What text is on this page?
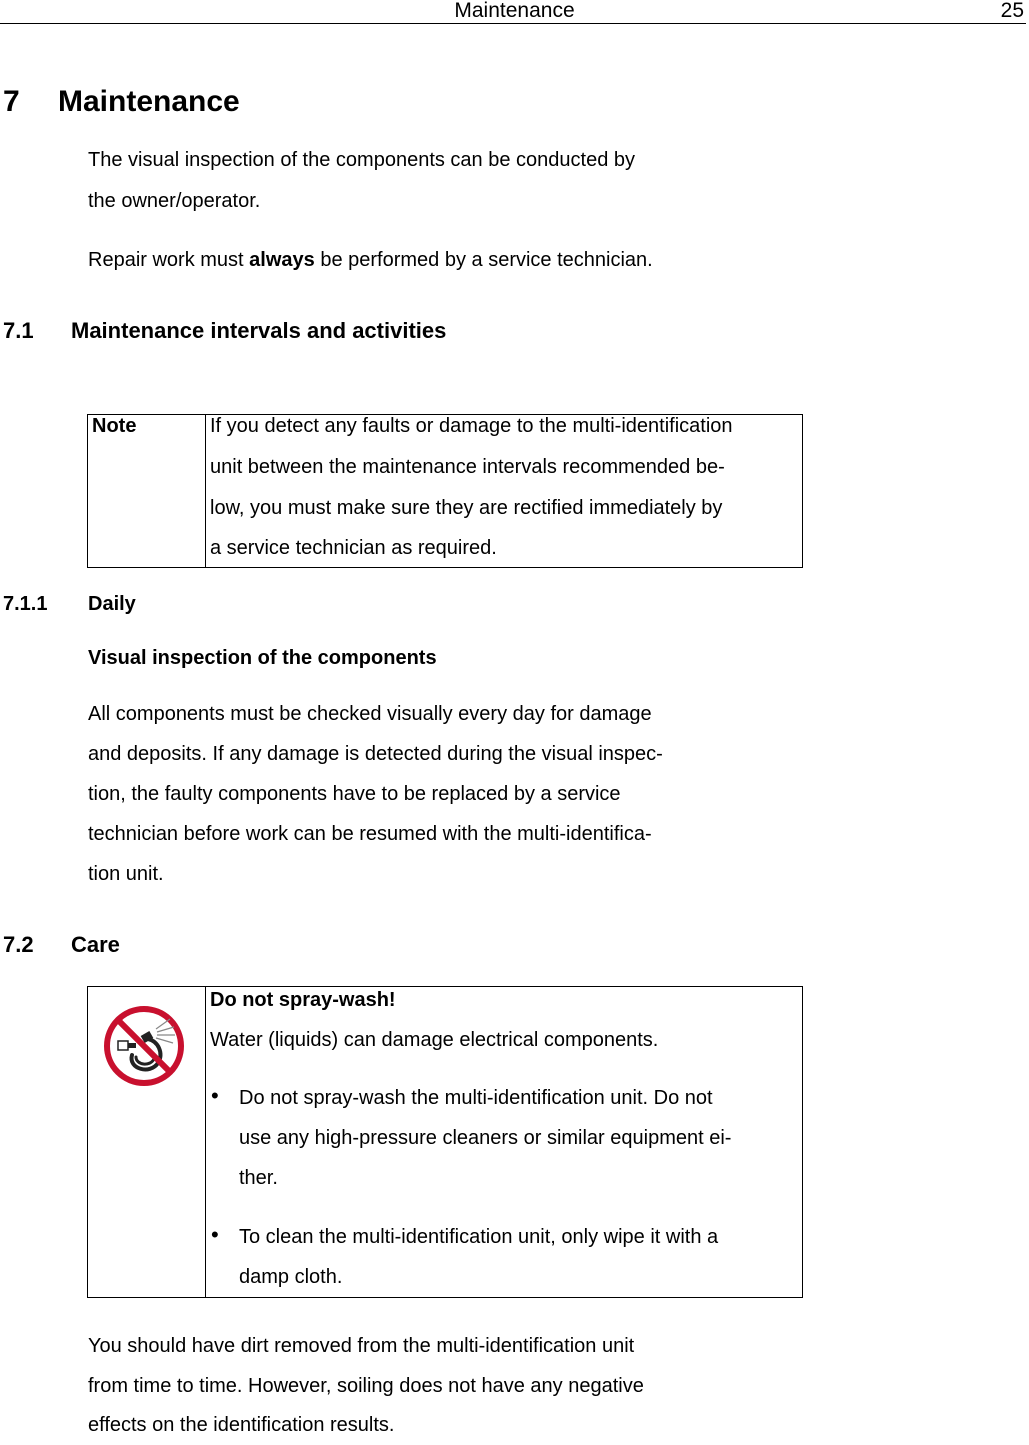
Maintenance	25
7 Maintenance
The visual inspection of the components can be conducted by
the owner/operator.
Repair work must always be performed by a service technician.
7.1 Maintenance intervals and activities
Note	If you detect any faults or damage to the multi-identification
unit between the maintenance intervals recommended be-
low, you must make sure they are rectified immediately by
a service technician as required.
7.1.1 Daily
Visual inspection of the components
All components must be checked visually every day for damage
and deposits. If any damage is detected during the visual inspec-
tion, the faulty components have to be replaced by a service
technician before work can be resumed with the multi-identifica-
tion unit.
7.2 Care
Do not spray-wash!
Water (liquids) can damage electrical components.
• Do not spray-wash the multi-identification unit. Do not
use any high-pressure cleaners or similar equipment ei-
ther.
• To clean the multi-identification unit, only wipe it with a
damp cloth.
You should have dirt removed from the multi-identification unit
from time to time. However, soiling does not have any negative
effects on the identification results.
